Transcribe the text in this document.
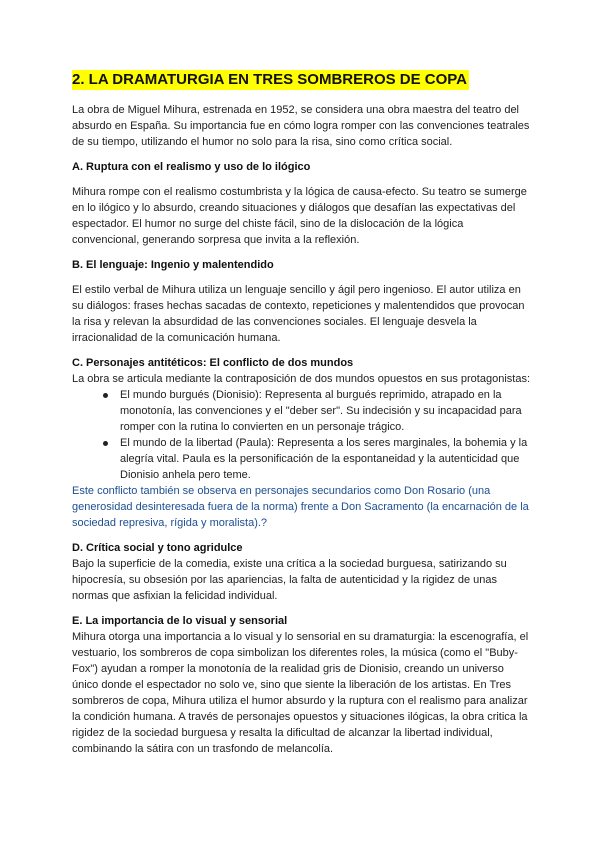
2. LA DRAMATURGIA EN TRES SOMBREROS DE COPA

La obra de Miguel Mihura, estrenada en 1952, se considera una obra maestra del teatro del absurdo en España. Su importancia fue en cómo logra romper con las convenciones teatrales de su tiempo, utilizando el humor no solo para la risa, sino como crítica social.

A. Ruptura con el realismo y uso de lo ilógico

Mihura rompe con el realismo costumbrista y la lógica de causa-efecto. Su teatro se sumerge en lo ilógico y lo absurdo, creando situaciones y diálogos que desafían las expectativas del espectador. El humor no surge del chiste fácil, sino de la dislocación de la lógica convencional, generando sorpresa que invita a la reflexión.

B. El lenguaje: Ingenio y malentendido

El estilo verbal de Mihura utiliza un lenguaje sencillo y ágil pero ingenioso. El autor utiliza en su diálogos: frases hechas sacadas de contexto, repeticiones y malentendidos que provocan la risa y relevan la absurdidad de las convenciones sociales. El lenguaje desvela la irracionalidad de la comunicación humana.

C. Personajes antitéticos: El conflicto de dos mundos

La obra se articula mediante la contraposición de dos mundos opuestos en sus protagonistas:

El mundo burgués (Dionisio): Representa al burgués reprimido, atrapado en la monotonía, las convenciones y el "deber ser". Su indecisión y su incapacidad para romper con la rutina lo convierten en un personaje trágico.
El mundo de la libertad (Paula): Representa a los seres marginales, la bohemia y la alegría vital. Paula es la personificación de la espontaneidad y la autenticidad que Dionisio anhela pero teme.

Este conflicto también se observa en personajes secundarios como Don Rosario (una generosidad desinteresada fuera de la norma) frente a Don Sacramento (la encarnación de la sociedad represiva, rígida y moralista).?

D. Crítica social y tono agridulce

Bajo la superficie de la comedia, existe una crítica a la sociedad burguesa, satirizando su hipocresía, su obsesión por las apariencias, la falta de autenticidad y la rigidez de unas normas que asfixian la felicidad individual.

E. La importancia de lo visual y sensorial

Mihura otorga una importancia a lo visual y lo sensorial en su dramaturgia: la escenografía, el vestuario, los sombreros de copa simbolizan los diferentes roles, la música (como el "Buby-Fox") ayudan a romper la monotonía de la realidad gris de Dionisio, creando un universo único donde el espectador no solo ve, sino que siente la liberación de los artistas. En Tres sombreros de copa, Mihura utiliza el humor absurdo y la ruptura con el realismo para analizar la condición humana. A través de personajes opuestos y situaciones ilógicas, la obra critica la rigidez de la sociedad burguesa y resalta la dificultad de alcanzar la libertad individual, combinando la sátira con un trasfondo de melancolía.
